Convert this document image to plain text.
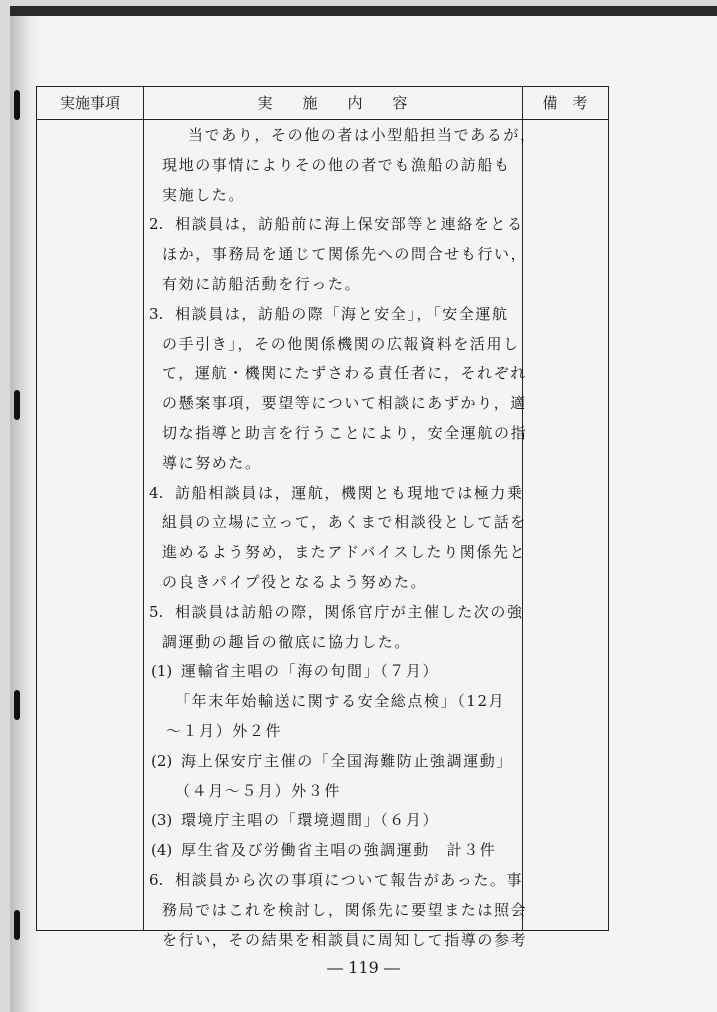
実施事項	実　　施　　内　　容	備　考
当であり，その他の者は小型船担当であるが，
現地の事情によりその他の者でも漁船の訪船も
実施した。
2. 相談員は，訪船前に海上保安部等と連絡をとる
ほか，事務局を通じて関係先への問合せも行い，
有効に訪船活動を行った。
3. 相談員は，訪船の際「海と安全」，「安全運航
の手引き」，その他関係機関の広報資料を活用し
て，運航・機関にたずさわる責任者に，それぞれ
の懸案事項，要望等について相談にあずかり，適
切な指導と助言を行うことにより，安全運航の指
導に努めた。
4. 訪船相談員は，運航，機関とも現地では極力乗
組員の立場に立って，あくまで相談役として話を
進めるよう努め，またアドバイスしたり関係先と
の良きパイプ役となるよう努めた。
5. 相談員は訪船の際，関係官庁が主催した次の強
調運動の趣旨の徹底に協力した。
(1) 運輸省主唱の「海の旬間」（７月）
「年末年始輸送に関する安全総点検」（12月
～１月）外２件
(2) 海上保安庁主催の「全国海難防止強調運動」
（４月～５月）外３件
(3) 環境庁主唱の「環境週間」（６月）
(4) 厚生省及び労働省主唱の強調運動　計３件
6. 相談員から次の事項について報告があった。事
務局ではこれを検討し，関係先に要望または照会
を行い，その結果を相談員に周知して指導の参考
― 119 ―
